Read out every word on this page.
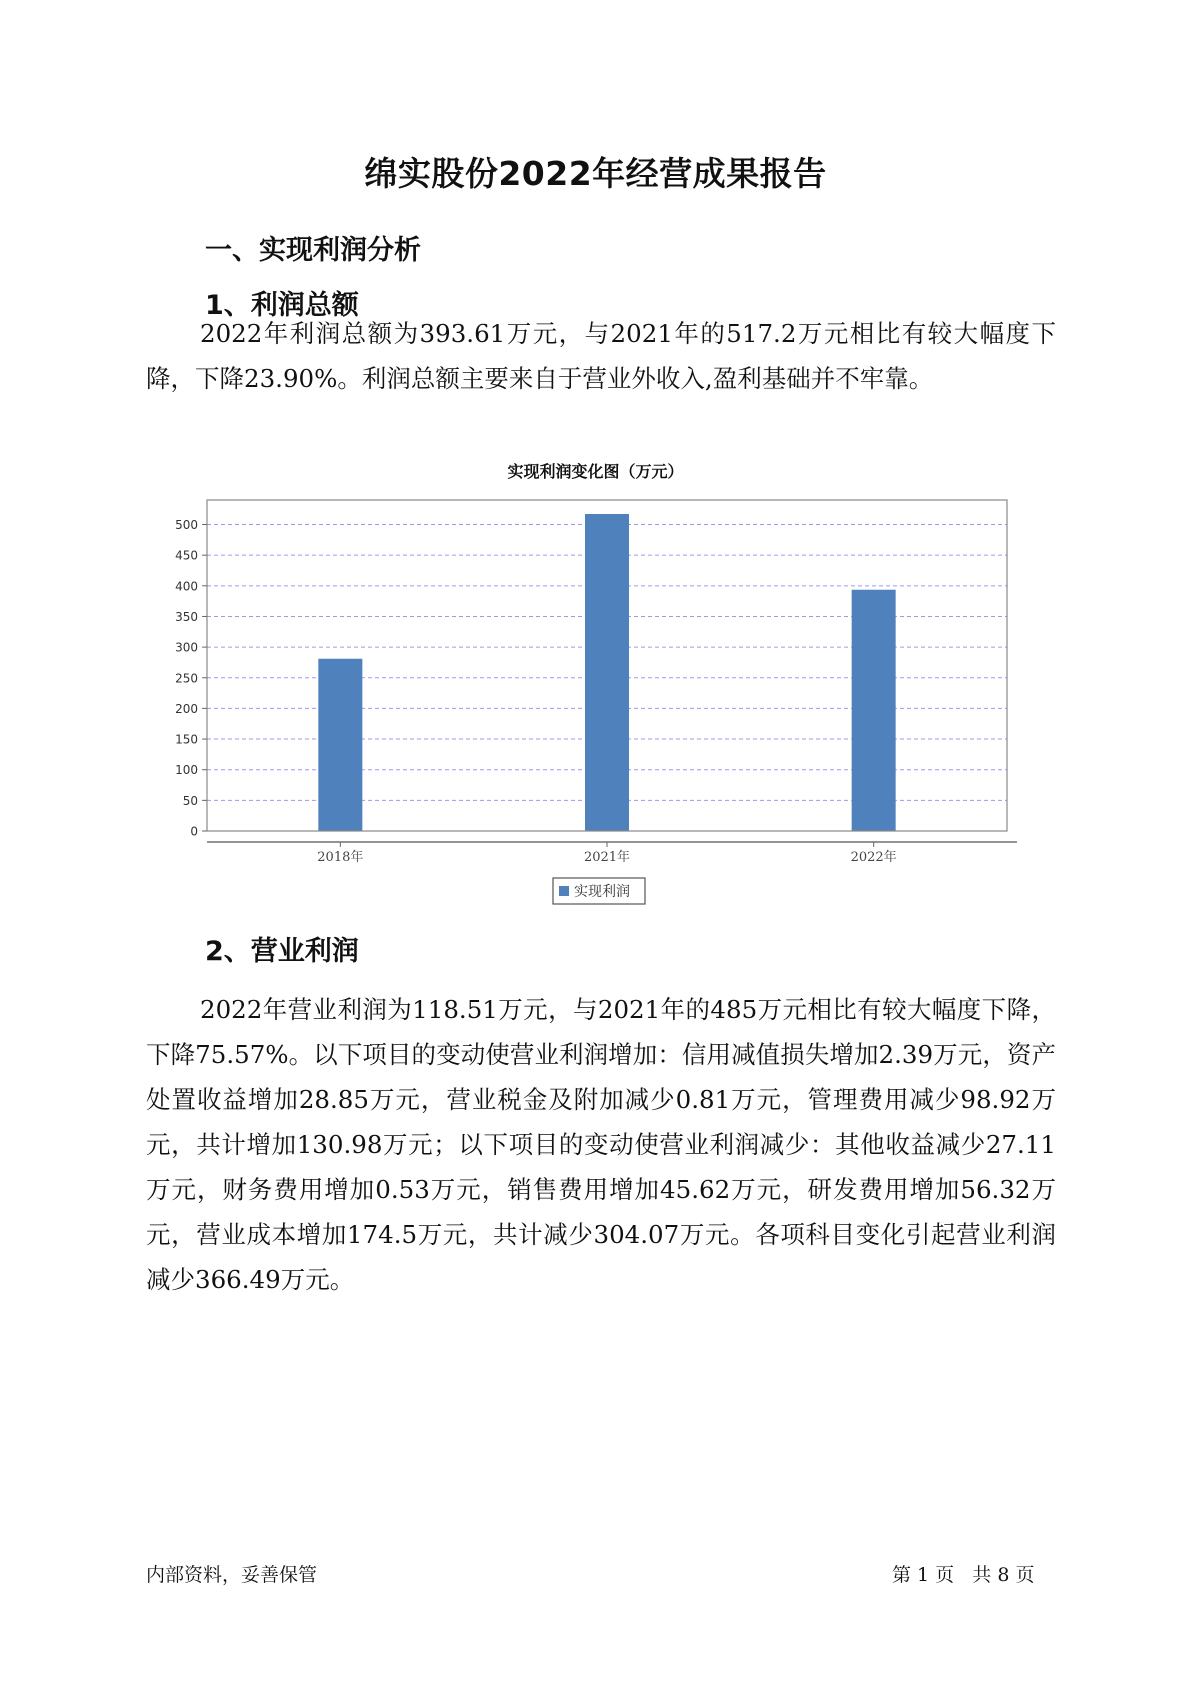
绵实股份2022年经营成果报告
一、实现利润分析
1、利润总额

2022年利润总额为393.61万元，与2021年的517.2万元相比有较大幅度下降，下降23.90%。利润总额主要来自于营业外收入,盈利基础并不牢靠。

实现利润变化图（万元）
0
50
100
150
200
250
300
350
400
450
500
2018年	2021年	2022年
实现利润
2、营业利润

2022年营业利润为118.51万元，与2021年的485万元相比有较大幅度下降，下降75.57%。以下项目的变动使营业利润增加：信用减值损失增加2.39万元，资产处置收益增加28.85万元，营业税金及附加减少0.81万元，管理费用减少98.92万元，共计增加130.98万元；以下项目的变动使营业利润减少：其他收益减少27.11万元，财务费用增加0.53万元，销售费用增加45.62万元，研发费用增加56.32万元，营业成本增加174.5万元，共计减少304.07万元。各项科目变化引起营业利润减少366.49万元。

内部资料，妥善保管	第 1 页   共 8 页
